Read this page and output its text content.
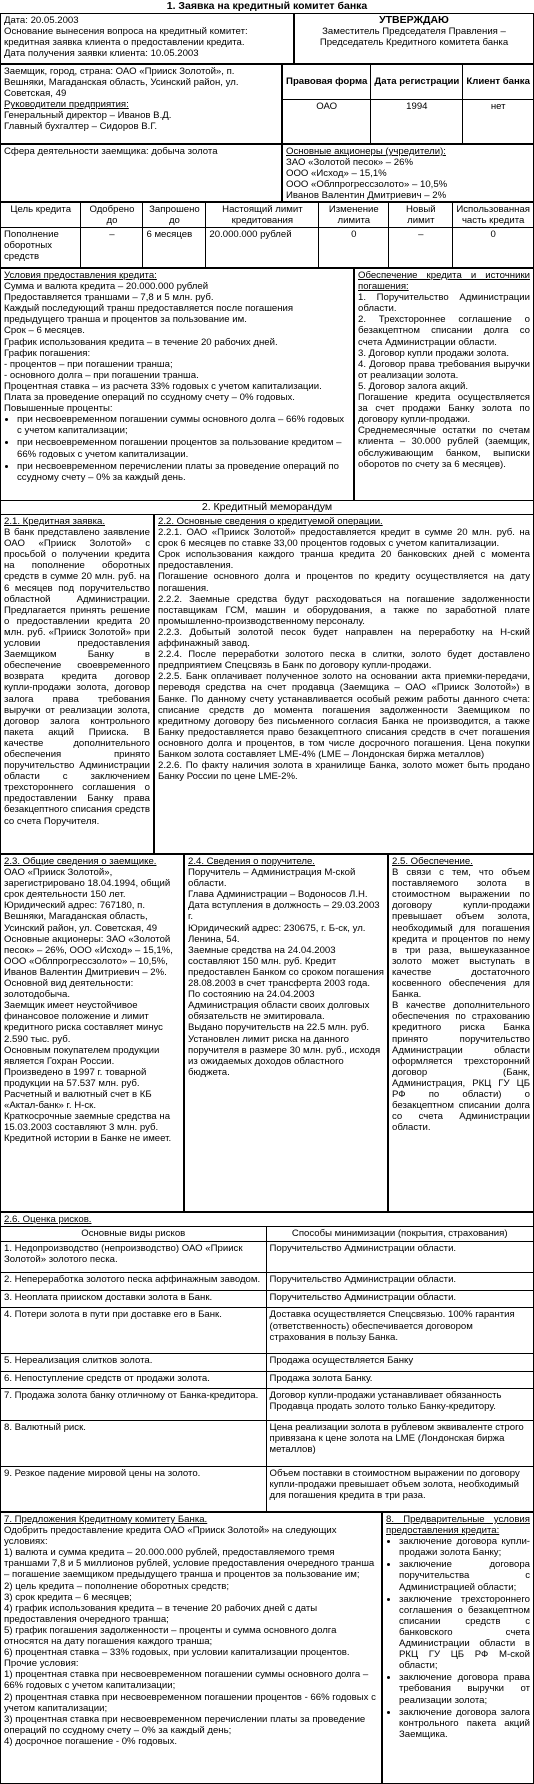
1. Заявка на кредитный комитет банка

Дата: 20.05.2003

Основание вынесения вопроса на кредитный комитет: кредитная заявка клиента о предоставлении кредита.

Дата получения заявки клиента: 10.05.2003

УТВЕРЖДАЮ

Заместитель Председателя Правления – Председатель Кредитного комитета банка

Заемщик, город, страна: ОАО «Прииск Золотой», п. Вешняки, Магаданская область, Усинский район, ул. Советская, 49

Руководители предприятия:

Генеральный директор – Иванов В.Д.

Главный бухгалтер – Сидоров В.Г.

Правовая форма	Дата регистрации	Клиент банка
ОАО	1994	нет

Сфера деятельности заемщика: добыча золота	Основные акционеры (учредители):

ЗАО «Золотой песок» – 26%

ООО «Исход» – 15,1%

ООО «Облпрогрессзолото» – 10,5%

Иванов Валентин Дмитриевич – 2%

Цель кредита	Одобрено до	Запрошено до	Настоящий лимит кредитования	Изменение лимита	Новый лимит	Использованная часть кредита
Пополнение оборотных средств	–	6 месяцев	20.000.000 рублей	0	–	0

Условия предоставления кредита:

Сумма и валюта кредита – 20.000.000 рублей

Предоставляется траншами – 7,8 и 5 млн. руб.

Каждый последующий транш предоставляется после погашения предыдущего транша и процентов за пользование им.

Срок – 6 месяцев.

График использования кредита – в течение 20 рабочих дней.

График погашения:

- процентов – при погашении транша;

- основного долга – при погашении транша.

Процентная ставка – из расчета 33% годовых с учетом капитализации.

Плата за проведение операций по ссудному счету – 0% годовых.

Повышенные проценты:

• при несвоевременном погашении суммы основного долга – 66% годовых с учетом капитализации;
• при несвоевременном погашении процентов за пользование кредитом – 66% годовых с учетом капитализации.
• при несвоевременном перечислении платы за проведение операций по ссудному счету – 0% за каждый день.

Обеспечение кредита и источники погашения:

1. Поручительство Администрации области.

2. Трехстороннее соглашение о безакцептном списании долга со счета Администрации области.

3. Договор купли продажи золота.

4. Договор права требования выручки от реализации золота.

5. Договор залога акций.

Погашение кредита осуществляется за счет продажи Банку золота по договору купли-продажи.

Среднемесячные остатки по счетам клиента – 30.000 рублей (заемщик, обслуживающим банком, выписки оборотов по счету за 6 месяцев).

2. Кредитный меморандум

2.1. Кредитная заявка.

В банк представлено заявление ОАО «Прииск Золотой» с просьбой о получении кредита на пополнение оборотных средств в сумме 20 млн. руб. на 6 месяцев под поручительство областной Администрации. Предлагается принять решение о предоставлении кредита 20 млн. руб. «Прииск Золотой» при условии предоставления Заемщиком Банку в обеспечение своевременного возврата кредита договор купли-продажи золота, договор залога права требования выручки от реализации золота, договор залога контрольного пакета акций Прииска. В качестве дополнительного обеспечения принято поручительство Администрации области с заключением трехстороннего соглашения о предоставлении Банку права безакцептного списания средств со счета Поручителя.

2.2. Основные сведения о кредитуемой операции.

2.2.1. ОАО «Прииск Золотой» предоставляется кредит в сумме 20 млн. руб. на срок 6 месяцев по ставке 33,00 процентов годовых с учетом капитализации.

Срок использования каждого транша кредита 20 банковских дней с момента предоставления.

Погашение основного долга и процентов по кредиту осуществляется на дату погашения.

2.2.2. Заемные средства будут расходоваться на погашение задолженности поставщикам ГСМ, машин и оборудования, а также по заработной плате промышленно-производственному персоналу.

2.2.3. Добытый золотой песок будет направлен на переработку на Н-ский аффинажный завод.

2.2.4. После переработки золотого песка в слитки, золото будет доставлено предприятием Спецсвязь в Банк по договору купли-продажи.

2.2.5. Банк оплачивает полученное золото на основании акта приемки-передачи, переводя средства на счет продавца (Заемщика – ОАО «Прииск Золотой») в Банке. По данному счету устанавливается особый режим работы данного счета: списание средств до момента погашения задолженности Заемщиком по кредитному договору без письменного согласия Банка не производится, а также Банку предоставляется право безакцептного списания средств в счет погашения основного долга и процентов, в том числе досрочного погашения. Цена покупки Банком золота составляет LME-4% (LME – Лондонская биржа металлов)

2.2.6. По факту наличия золота в хранилище Банка, золото может быть продано Банку России по цене LME-2%.

2.3. Общие сведения о заемщике.

ОАО «Прииск Золотой», зарегистрировано 18.04.1994, общий срок деятельности 150 лет.

Юридический адрес: 767180, п. Вешняки, Магаданская область, Усинский район, ул. Советская, 49

Основные акционеры: ЗАО «Золотой песок» – 26%, ООО «Исход» – 15,1%, ООО «Облпрогрессзолото» – 10,5%, Иванов Валентин Дмитриевич – 2%.

Основной вид деятельности: золотодобыча.

Заемщик имеет неустойчивое финансовое положение и лимит кредитного риска составляет минус 2.590 тыс. руб.

Основным покупателем продукции является Гохран России.

Произведено в 1997 г. товарной продукции на 57.537 млн. руб.

Расчетный и валютный счет в КБ «Актал-банк» г. Н-ск.

Краткосрочные заемные средства на 15.03.2003 составляют 3 млн. руб.

Кредитной истории в Банке не имеет.

2.4. Сведения о поручителе.

Поручитель – Администрация М-ской области.

Глава Администрации – Водоносов Л.Н.

Дата вступления в должность – 29.03.2003 г.

Юридический адрес: 230675, г. Б-ск, ул. Ленина, 54.

Заемные средства на 24.04.2003 составляют 150 млн. руб. Кредит предоставлен Банком со сроком погашения 28.08.2003 в счет трансферта 2003 года.

По состоянию на 24.04.2003 Администрация области своих долговых обязательств не эмитировала.

Выдано поручительств на 22.5 млн. руб.

Установлен лимит риска на данного поручителя в размере 30 млн. руб., исходя из ожидаемых доходов областного бюджета.

2.5. Обеспечение.

В связи с тем, что объем поставляемого золота в стоимостном выражении по договору купли-продажи превышает объем золота, необходимый для погашения кредита и процентов по нему в три раза, вышеуказанное золото может выступать в качестве достаточного косвенного обеспечения для Банка.

В качестве дополнительного обеспечения по страхованию кредитного риска Банка принято поручительство Администрации области оформляется трехсторонний договор (Банк, Администрация, РКЦ ГУ ЦБ РФ по области) о безакцептном списании долга со счета Администрации области.

2.6. Оценка рисков.
Основные виды рисков	Способы минимизации (покрытия, страхования)
1. Недопроизводство (непроизводство) ОАО «Прииск Золотой» золотого песка.	Поручительство Администрации области.
2. Непереработка золотого песка аффинажным заводом.	Поручительство Администрации области.
3. Неоплата прииском доставки золота в Банк.	Поручительство Администрации области.
4. Потери золота в пути при доставке его в Банк.	Доставка осуществляется Спецсвязью. 100% гарантия (ответственность) обеспечивается договором страхования в пользу Банка.
5. Нереализация слитков золота.	Продажа осуществляется Банку
6. Непоступление средств от продажи золота.	Продажа золота Банку.
7. Продажа золота банку отличному от Банка-кредитора.	Договор купли-продажи устанавливает обязанность Продавца продать золото только Банку-кредитору.
8. Валютный риск.	Цена реализации золота в рублевом эквиваленте строго привязана к цене золота на LME (Лондонская биржа металлов)
9. Резкое падение мировой цены на золото.	Объем поставки в стоимостном выражении по договору купли-продажи превышает объем золота, необходимый для погашения кредита в три раза.

7. Предложения Кредитному комитету Банка.

Одобрить предоставление кредита ОАО «Прииск Золотой» на следующих условиях:

1) валюта и сумма кредита – 20.000.000 рублей, предоставляемого тремя траншами 7,8 и 5 миллионов рублей, условие предоставления очередного транша – погашение заемщиком предыдущего транша и процентов за пользование им;

2) цель кредита – пополнение оборотных средств;

3) срок кредита – 6 месяцев;

4) график использования кредита – в течение 20 рабочих дней с даты предоставления очередного транша;

5) график погашения задолженности – проценты и сумма основного долга относятся на дату погашения каждого транша;

6) процентная ставка – 33% годовых, при условии капитализации процентов.

Прочие условия:

1) процентная ставка при несвоевременном погашении суммы основного долга – 66% годовых с учетом капитализации;

2) процентная ставка при несвоевременном погашении процентов - 66% годовых с учетом капитализации;

3) процентная ставка при несвоевременном перечислении платы за проведение операций по ссудному счету – 0% за каждый день;

4) досрочное погашение - 0% годовых.

8. Предварительные условия предоставления кредита:

• заключение договора купли-продажи золота Банку;
• заключение договора поручительства с Администрацией области;
• заключение трехстороннего соглашения о безакцептном списании средств с банковского счета Администрации области в РКЦ ГУ ЦБ РФ М-ской области;
• заключение договора права требования выручки от реализации золота;
• заключение договора залога контрольного пакета акций Заемщика.
